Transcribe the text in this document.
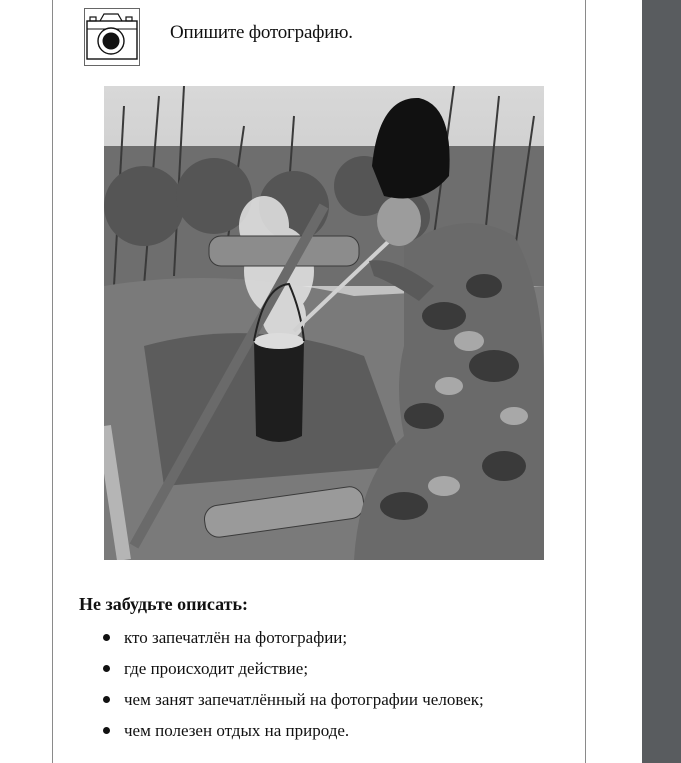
Опишите фотографию.
Не забудьте описать:
кто запечатлён на фотографии;
где происходит действие;
чем занят запечатлённый на фотографии человек;
чем полезен отдых на природе.
